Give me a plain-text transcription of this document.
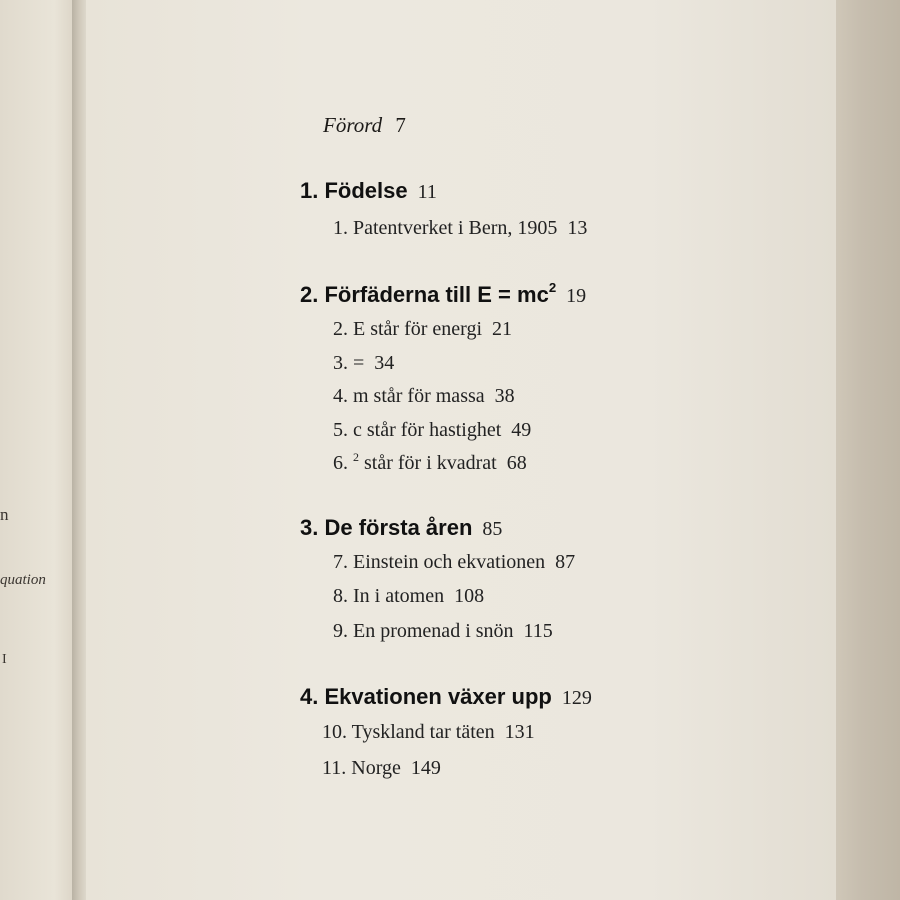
n
quation
I
Förord 7
1. Födelse 11
1. Patentverket i Bern, 1905 13
2. Förfäderna till $E = mc^2$ 19
2. E står för energi 21
3. = 34
4. m står för massa 38
5. c står för hastighet 49
6. $^2$ står för i kvadrat 68
3. De första åren 85
7. Einstein och ekvationen 87
8. In i atomen 108
9. En promenad i snön 115
4. Ekvationen växer upp 129
10. Tyskland tar täten 131
11. Norge 149
